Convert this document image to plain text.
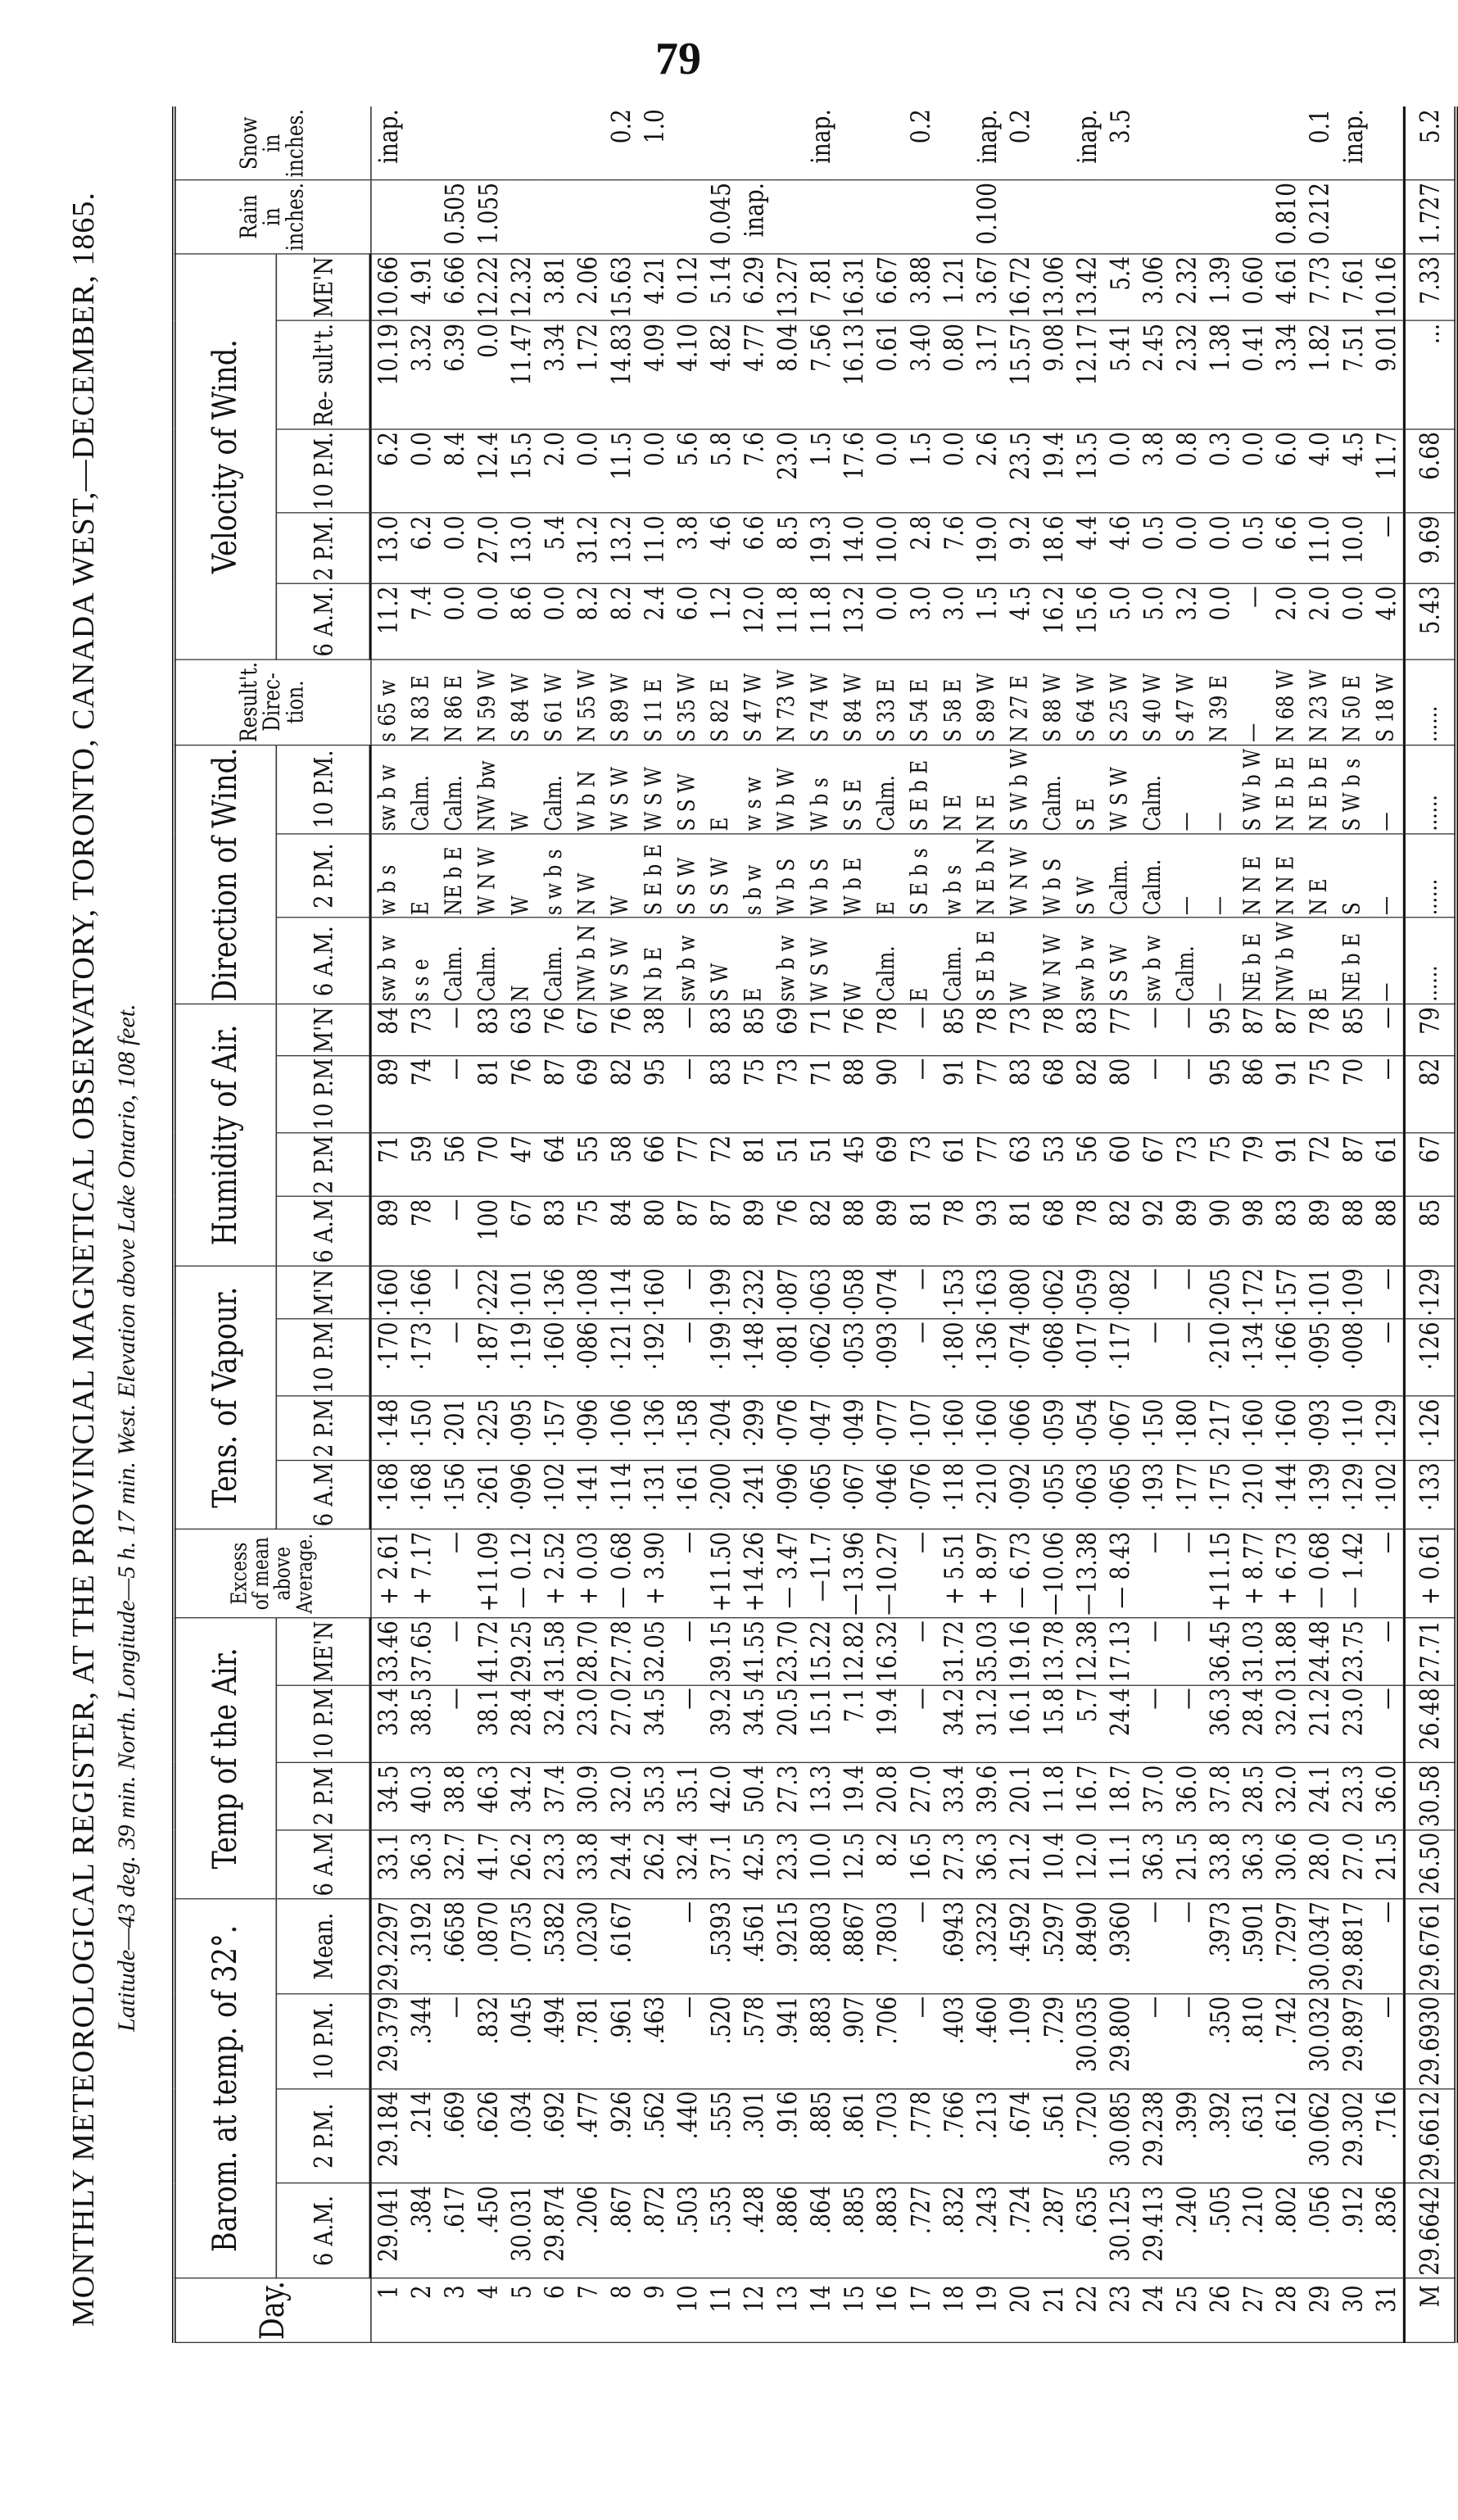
79
MONTHLY METEOROLOGICAL REGISTER, AT THE PROVINCIAL MAGNETICAL OBSERVATORY, TORONTO, CANADA WEST,—DECEMBER, 1865. Latitude—43 deg. 39 min. North. Longitude—5 h. 17 min. West. Elevation above Lake Ontario, 108 feet.
Day.	Barom. at temp. of 32°.				Temp of the Air.				Excess of mean above Average.	Tens. of Vapour.				Humidity of Air.				Direction of Wind.			Result't. Direc- tion.	Velocity of Wind.					Rain in inches.	Snow in inches.
	6 A.M.	2 P.M.	10 P.M.	Mean.	6 A.M	2 P.M	10 P.M	ME'N		6 A.M	2 P.M	10 P.M	M'N	6 A.M	2 P.M	10 P.M	M'N	6 A.M.	2 P.M.	10 P.M.		6 A.M.	2 P.M.	10 P.M.	Re- sult't.	ME'N		
1	29.041	29.184	29.379	29.2297	33.1	34.5	33.4	33.46	+ 2.61	·168	·148	·170	·160	89	71	89	84	sw b w	w b s	sw b w	s 65 w	11.2	13.0	6.2	10.19	10.66		inap.
2	.384	.214	.344	.3192	36.3	40.3	38.5	37.65	+ 7.17	·168	·150	·173	·166	78	59	74	73	s s e	E	Calm.	N 83 E	7.4	6.2	0.0	3.32	4.91		
3	.617	.669	—	.6658	32.7	38.8	—	—	—	·156	·201	—	—	—	56	—	—	Calm.	NE b E	Calm.	N 86 E	0.0	0.0	8.4	6.39	6.66	0.505	
4	.450	.626	.832	.0870	41.7	46.3	38.1	41.72	+11.09	·261	·225	·187	·222	100	70	81	83	Calm.	W N W	NW bw	N 59 W	0.0	27.0	12.4	0.0	12.22	1.055	
5	30.031	.034	.045	.0735	26.2	34.2	28.4	29.25	— 0.12	·096	·095	·119	·101	67	47	76	63	N	W	W	S 84 W	8.6	13.0	15.5	11.47	12.32		
6	29.874	.692	.494	.5382	23.3	37.4	32.4	31.58	+ 2.52	·102	·157	·160	·136	83	64	87	76	Calm.	s w b s	Calm.	S 61 W	0.0	5.4	2.0	3.34	3.81		
7	.206	.477	.781	.0230	33.8	30.9	23.0	28.70	+ 0.03	·141	·096	·086	·108	75	55	69	67	NW b N	N W	W b N	N 55 W	8.2	31.2	0.0	1.72	2.06		
8	.867	.926	.961	.6167	24.4	32.0	27.0	27.78	— 0.68	·114	·106	·121	·114	84	58	82	76	W S W	W	W S W	S 89 W	8.2	13.2	11.5	14.83	15.63		0.2
9	.872	.562	.463		26.2	35.3	34.5	32.05	+ 3.90	·131	·136	·192	·160	80	66	95	38	N b E	S E b E	W S W	S 11 E	2.4	11.0	0.0	4.09	4.21		1.0
10	.503	.440	—	—	32.4	35.1	—	—	—	·161	·158	—	—	87	77	—	—	sw b w	S S W	S S W	S 35 W	6.0	3.8	5.6	4.10	0.12		
11	.535	.555	.520	.5393	37.1	42.0	39.2	39.15	+11.50	·200	·204	·199	·199	87	72	83	83	S W	S S W	E	S 82 E	1.2	4.6	5.8	4.82	5.14	0.045	
12	.428	.301	.578	.4561	42.5	50.4	34.5	41.55	+14.26	·241	·299	·148	·232	89	81	75	85	E	s b w	w s w	S 47 W	12.0	6.6	7.6	4.77	6.29	inap.	
13	.886	.916	.941	.9215	23.3	27.3	20.5	23.70	— 3.47	·096	·076	·081	·087	76	51	73	69	sw b w	W b S	W b W	N 73 W	11.8	8.5	23.0	8.04	13.27		
14	.864	.885	.883	.8803	10.0	13.3	15.1	15.22	—11.7	·065	·047	·062	·063	82	51	71	71	W S W	W b S	W b s	S 74 W	11.8	19.3	1.5	7.56	7.81		inap.
15	.885	.861	.907	.8867	12.5	19.4	7.1	12.82	—13.96	·067	·049	·053	·058	88	45	88	76	W	W b E	S S E	S 84 W	13.2	14.0	17.6	16.13	16.31		
16	.883	.703	.706	.7803	8.2	20.8	19.4	16.32	—10.27	·046	·077	·093	·074	89	69	90	78	Calm.	E	Calm.	S 33 E	0.0	10.0	0.0	0.61	6.67		
17	.727	.778	—	—	16.5	27.0	—	—	—	·076	·107	—	—	81	73	—	—	E	S E b s	S E b E	S 54 E	3.0	2.8	1.5	3.40	3.88		0.2
18	.832	.766	.403	.6943	27.3	33.4	34.2	31.72	+ 5.51	·118	·160	·180	·153	78	61	91	85	Calm.	w b s	N E	S 58 E	3.0	7.6	0.0	0.80	1.21		
19	.243	.213	.460	.3232	36.3	39.6	31.2	35.03	+ 8.97	·210	·160	·136	·163	93	77	77	78	S E b E	N E b N	N E	S 89 W	1.5	19.0	2.6	3.17	3.67	0.100	inap.
20	.724	.674	.109	.4592	21.2	20.1	16.1	19.16	— 6.73	·092	·066	·074	·080	81	63	83	73	W	W N W	S W b W	N 27 E	4.5	9.2	23.5	15.57	16.72		0.2
21	.287	.561	.729	.5297	10.4	11.8	15.8	13.78	—10.06	·055	·059	·068	·062	68	53	68	78	W N W	W b S	Calm.	S 88 W	16.2	18.6	19.4	9.08	13.06		
22	.635	.720	30.035	.8490	12.0	16.7	5.7	12.38	—13.38	·063	·054	·017	·059	78	56	82	83	sw b w	S W	S E	S 64 W	15.6	4.4	13.5	12.17	13.42		inap.
23	30.125	30.085	29.800	.9360	11.1	18.7	24.4	17.13	— 8.43	·065	·067	·117	·082	82	60	80	77	S S W	Calm.	W S W	S 25 W	5.0	4.6	0.0	5.41	5.4		3.5
24	29.413	29.238	—	—	36.3	37.0	—	—	—	·193	·150	—	—	92	67	—	—	sw b w	Calm.	Calm.	S 40 W	5.0	0.5	3.8	2.45	3.06		
25	.240	.399	—	—	21.5	36.0	—	—	—	·177	·180	—	—	89	73	—	—	Calm.	—	—	S 47 W	3.2	0.0	0.8	2.32	2.32		
26	.505	.392	.350	.3973	33.8	37.8	36.3	36.45	+11.15	·175	·217	·210	·205	90	75	95	95	—	—	—	N 39 E	0.0	0.0	0.3	1.38	1.39		
27	.210	.631	.810	.5901	36.3	28.5	28.4	31.03	+ 8.77	·210	·160	·134	·172	98	79	86	87	NE b E	N N E	S W b W	—	—	0.5	0.0	0.41	0.60		
28	.802	.612	.742	.7297	30.6	32.0	32.0	31.88	+ 6.73	·144	·160	·166	·157	83	91	91	87	NW b W	N N E	N E b E	N 68 W	2.0	6.6	6.0	3.34	4.61	0.810	
29	.056	30.062	30.032	30.0347	28.0	24.1	21.2	24.48	— 0.68	·139	·093	·095	·101	89	72	75	78	E	N E	N E b E	N 23 W	2.0	11.0	4.0	1.82	7.73	0.212	0.1
30	.912	29.302	29.897	29.8817	27.0	23.3	23.0	23.75	— 1.42	·129	·110	·008	·109	88	87	70	85	NE b E	S	S W b s	N 50 E	0.0	10.0	4.5	7.51	7.61		inap.
31	.836	.716	—	—	21.5	36.0	—	—	—	·102	·129	—	—	88	61	—	—	—	—	—	S 18 W	4.0	—	11.7	9.01	10.16		
M	29.6642	29.6612	29.6930	29.6761	26.50	30.58	26.48	27.71	+ 0.61	·133	·126	·126	·129	85	67	82	79	......	......	......	......	5.43	9.69	6.68	...	7.33	1.727	5.2
